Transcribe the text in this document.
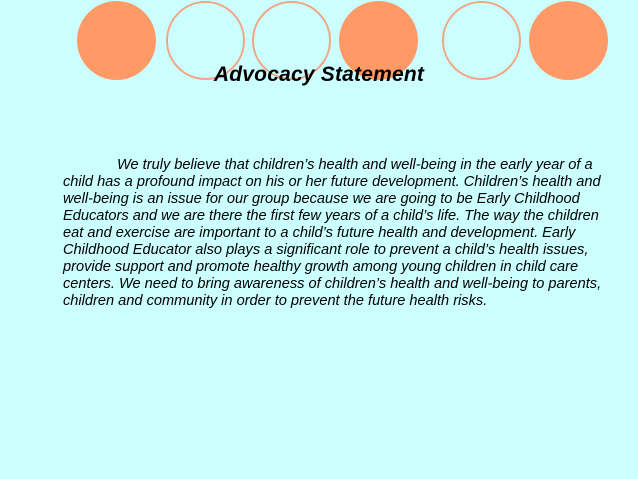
Advocacy Statement

We truly believe that children’s health and well-being in the early year of a child has a profound impact on his or her future development. Children’s health and well-being is an issue for our group because we are going to be Early Childhood Educators and we are there the first few years of a child’s life. The way the children eat and exercise are important to a child’s future health and development. Early Childhood Educator also plays a significant role to prevent a child’s health issues, provide support and promote healthy growth among young children in child care centers. We need to bring awareness of children’s health and well-being to parents, children and community in order to prevent the future health risks.
